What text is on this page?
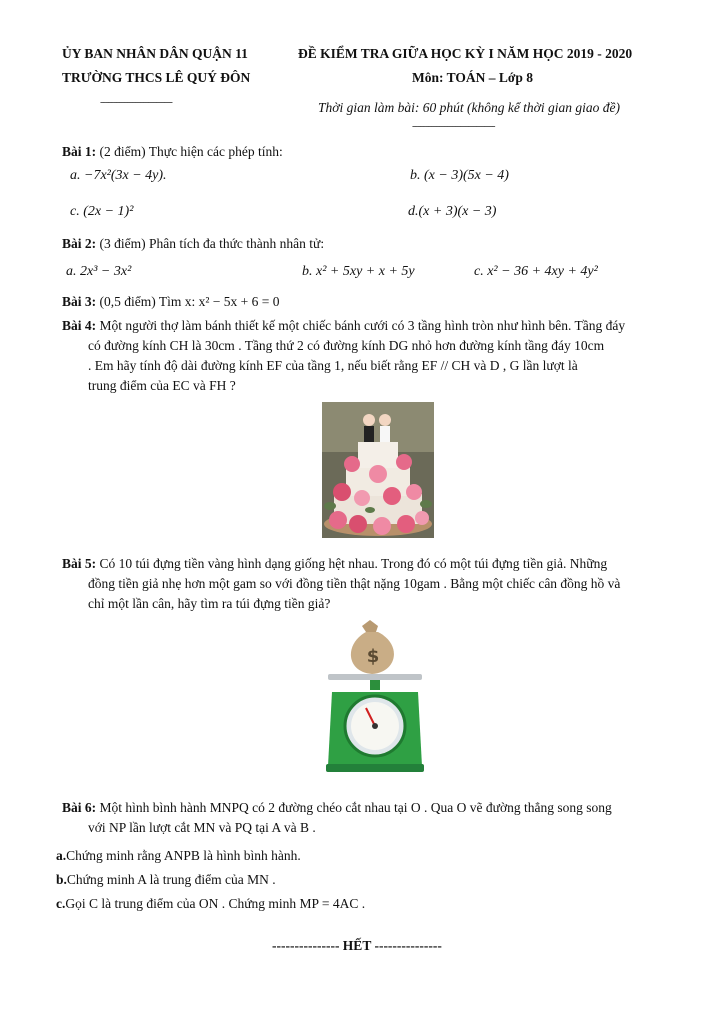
ỦY BAN NHÂN DÂN QUẬN 11
TRƯỜNG THCS LÊ QUÝ ĐÔN
---------------------------
ĐỀ KIỂM TRA GIỮA HỌC KỲ I NĂM HỌC 2019 - 2020
Môn: TOÁN – Lớp 8
Thời gian làm bài: 60 phút (không kể thời gian giao đề)
-------------------------------
Bài 1: (2 điểm) Thực hiện các phép tính:
a. −7x²(3x − 4y).	b. (x − 3)(5x − 4)
c. (2x − 1)²	d.(x + 3)(x − 3)
Bài 2: (3 điểm) Phân tích đa thức thành nhân tử:
a. 2x³ − 3x²	b. x² + 5xy + x + 5y	c. x² − 36 + 4xy + 4y²
Bài 3: (0,5 điểm) Tìm x: x² − 5x + 6 = 0
Bài 4: Một người thợ làm bánh thiết kế một chiếc bánh cưới có 3 tầng hình tròn như hình bên. Tầng đáy
có đường kính CH là 30cm . Tầng thứ 2 có đường kính DG nhỏ hơn đường kính tầng đáy 10cm
. Em hãy tính độ dài đường kính EF của tầng 1, nếu biết rằng EF // CH và D , G lần lượt là
trung điểm của EC và FH ?
Bài 5: Có 10 túi đựng tiền vàng hình dạng giống hệt nhau. Trong đó có một túi đựng tiền giả. Những
đồng tiền giả nhẹ hơn một gam so với đồng tiền thật nặng 10gam . Bằng một chiếc cân đồng hồ và
chỉ một lần cân, hãy tìm ra túi đựng tiền giả?
$
Bài 6: Một hình bình hành MNPQ có 2 đường chéo cắt nhau tại O . Qua O vẽ đường thẳng song song
với NP lần lượt cắt MN và PQ tại A và B .
a.Chứng minh rằng ANPB là hình bình hành.
b.Chứng minh A là trung điểm của MN .
c.Gọi C là trung điểm của ON . Chứng minh MP = 4AC .
--------------- HẾT ---------------
